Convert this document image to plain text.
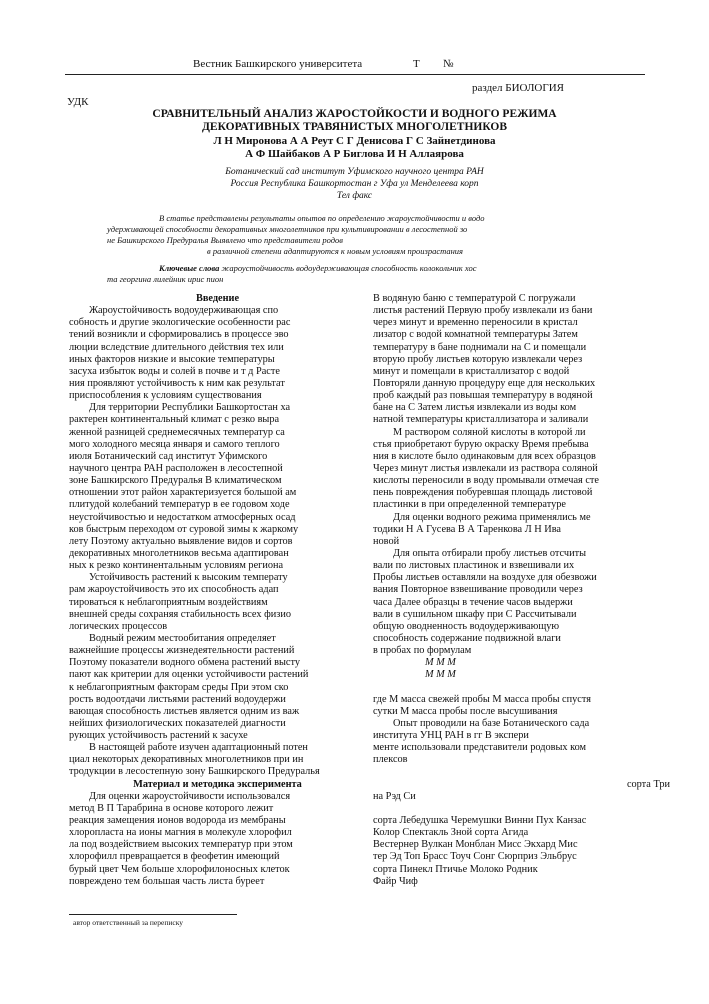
Вестник Башкирского университета	Т №
раздел БИОЛОГИЯ
УДК
СРАВНИТЕЛЬНЫЙ АНАЛИЗ ЖАРОСТОЙКОСТИ И ВОДНОГО РЕЖИМА
ДЕКОРАТИВНЫХ ТРАВЯНИСТЫХ МНОГОЛЕТНИКОВ
Л Н Миронова А А Реут С Г Денисова Г С Зайнетдинова
А Ф Шайбаков А Р Биглова И Н Аллаярова
Ботанический сад институт Уфимского научного центра РАН
Россия Республика Башкортостан г Уфа ул Менделеева корп
Тел факс
В статье представлены результаты опытов по определению жароустойчивости и водо
удерживающей способности декоративных многолетников при культивировании в лесостепной зо
не Башкирского Предуралья Выявлено что представители родов
в различной степени адаптируются к новым условиям произрастания
Ключевые слова жароустойчивость водоудерживающая способность колокольчик хос
та георгина лилейник ирис пион
Введение
Жароустойчивость водоудерживающая спо
собность и другие экологические особенности рас
тений возникли и сформировались в процессе эво
люции вследствие длительного действия тех или
иных факторов низкие и высокие температуры
засуха избыток воды и солей в почве и т д Расте
ния проявляют устойчивость к ним как результат
приспособления к условиям существования
Для территории Республики Башкортостан ха
рактерен континентальный климат с резко выра
женной разницей среднемесячных температур са
мого холодного месяца января и самого теплого
июля Ботанический сад институт Уфимского
научного центра РАН расположен в лесостепной
зоне Башкирского Предуралья В климатическом
отношении этот район характеризуется большой ам
плитудой колебаний температур в ее годовом ходе
неустойчивостью и недостатком атмосферных осад
ков быстрым переходом от суровой зимы к жаркому
лету Поэтому актуально выявление видов и сортов
декоративных многолетников весьма адаптирован
ных к резко континентальным условиям региона
Устойчивость растений к высоким температу
рам жароустойчивость это их способность адап
тироваться к неблагоприятным воздействиям
внешней среды сохраняя стабильность всех физио
логических процессов
Водный режим местообитания определяет
важнейшие процессы жизнедеятельности растений
Поэтому показатели водного обмена растений высту
пают как критерии для оценки устойчивости растений
к неблагоприятным факторам среды При этом ско
рость водоотдачи листьями растений водоудержи
вающая способность листьев является одним из важ
нейших физиологических показателей диагности
рующих устойчивость растений к засухе
В настоящей работе изучен адаптационный потен
циал некоторых декоративных многолетников при ин
тродукции в лесостепную зону Башкирского Предуралья
Материал и методика эксперимента
Для оценки жароустойчивости использовался
метод В П Тарабрина в основе которого лежит
реакция замещения ионов водорода из мембраны
хлоропласта на ионы магния в молекуле хлорофил
ла под воздействием высоких температур при этом
хлорофилл превращается в феофетин имеющий
бурый цвет Чем больше хлорофилоносных клеток
повреждено тем большая часть листа буреет
В водяную баню с температурой С погружали
листья растений Первую пробу извлекали из бани
через минут и временно переносили в кристал
лизатор с водой комнатной температуры Затем
температуру в бане поднимали на С и помещали
вторую пробу листьев которую извлекали через
минут и помещали в кристаллизатор с водой
Повторяли данную процедуру еще для нескольких
проб каждый раз повышая температуру в водяной
бане на С Затем листья извлекали из воды ком
натной температуры кристаллизатора и заливали
М раствором соляной кислоты в которой ли
стья приобретают бурую окраску Время пребыва
ния в кислоте было одинаковым для всех образцов
Через минут листья извлекали из раствора соляной
кислоты переносили в воду промывали отмечая сте
пень повреждения побуревшая площадь листовой
пластинки в при определенной температуре
Для оценки водного режима применялись ме
тодики Н А Гусева В А Таренкова Л Н Ива
новой
Для опыта отбирали пробу листьев отсчиты
вали по листовых пластинок и взвешивали их
Пробы листьев оставляли на воздухе для обезвожи
вания Повторное взвешивание проводили через
часа Далее образцы в течение часов выдержи
вали в сушильном шкафу при С Рассчитывали
общую оводненность водоудерживающую
способность содержание подвижной влаги
в пробах по формулам
М М М
М М М
где М масса свежей пробы М масса пробы спустя
сутки М масса пробы после высушивания
Опыт проводили на базе Ботанического сада
института УНЦ РАН в гг В экспери
менте использовали представители родовых ком
плексов
сорта Три
на Рэд Си
сорта Лебедушка Черемушки Винни Пух Канзас
Колор Спектакль Зной сорта Агида
Вестернер Вулкан Монблан Мисс Экхард Мис
тер Эд Топ Брасс Тоуч Сонг Сюрприз Эльбрус
сорта Пинекл Птичье Молоко Родник
Файр Чиф
автор ответственный за переписку
